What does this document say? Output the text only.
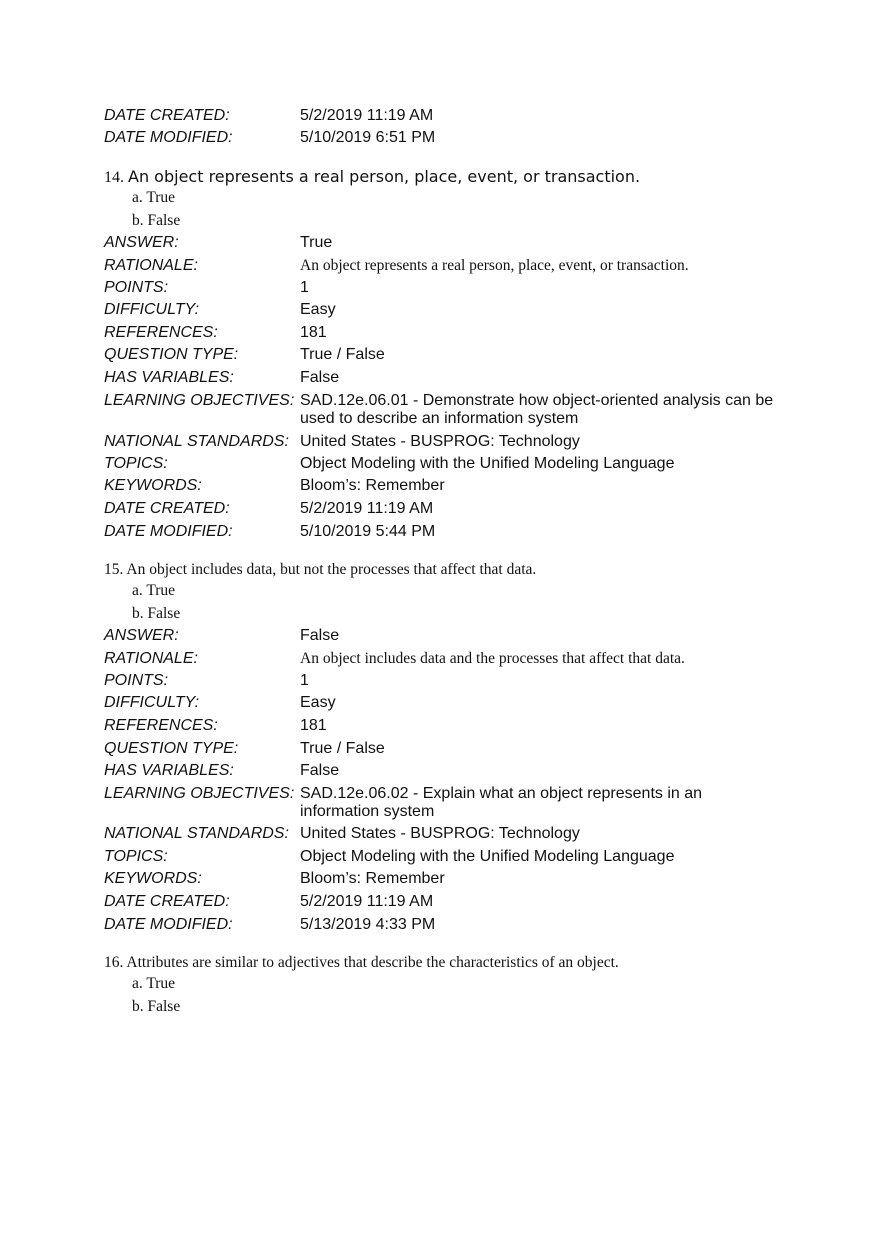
DATE CREATED:	5/2/2019 11:19 AM
DATE MODIFIED:	5/10/2019 6:51 PM
14. An object represents a real person, place, event, or transaction.
a. True
b. False
ANSWER:	True
RATIONALE:	An object represents a real person, place, event, or transaction.
POINTS:	1
DIFFICULTY:	Easy
REFERENCES:	181
QUESTION TYPE:	True / False
HAS VARIABLES:	False
LEARNING OBJECTIVES: SAD.12e.06.01 - Demonstrate how object-oriented analysis can be used to describe an information system
NATIONAL STANDARDS: United States - BUSPROG: Technology
TOPICS:	Object Modeling with the Unified Modeling Language
KEYWORDS:	Bloom’s: Remember
DATE CREATED:	5/2/2019 11:19 AM
DATE MODIFIED:	5/10/2019 5:44 PM
15. An object includes data, but not the processes that affect that data.
a. True
b. False
ANSWER:	False
RATIONALE:	An object includes data and the processes that affect that data.
POINTS:	1
DIFFICULTY:	Easy
REFERENCES:	181
QUESTION TYPE:	True / False
HAS VARIABLES:	False
LEARNING OBJECTIVES: SAD.12e.06.02 - Explain what an object represents in an information system
NATIONAL STANDARDS: United States - BUSPROG: Technology
TOPICS:	Object Modeling with the Unified Modeling Language
KEYWORDS:	Bloom’s: Remember
DATE CREATED:	5/2/2019 11:19 AM
DATE MODIFIED:	5/13/2019 4:33 PM
16. Attributes are similar to adjectives that describe the characteristics of an object.
a. True
b. False
